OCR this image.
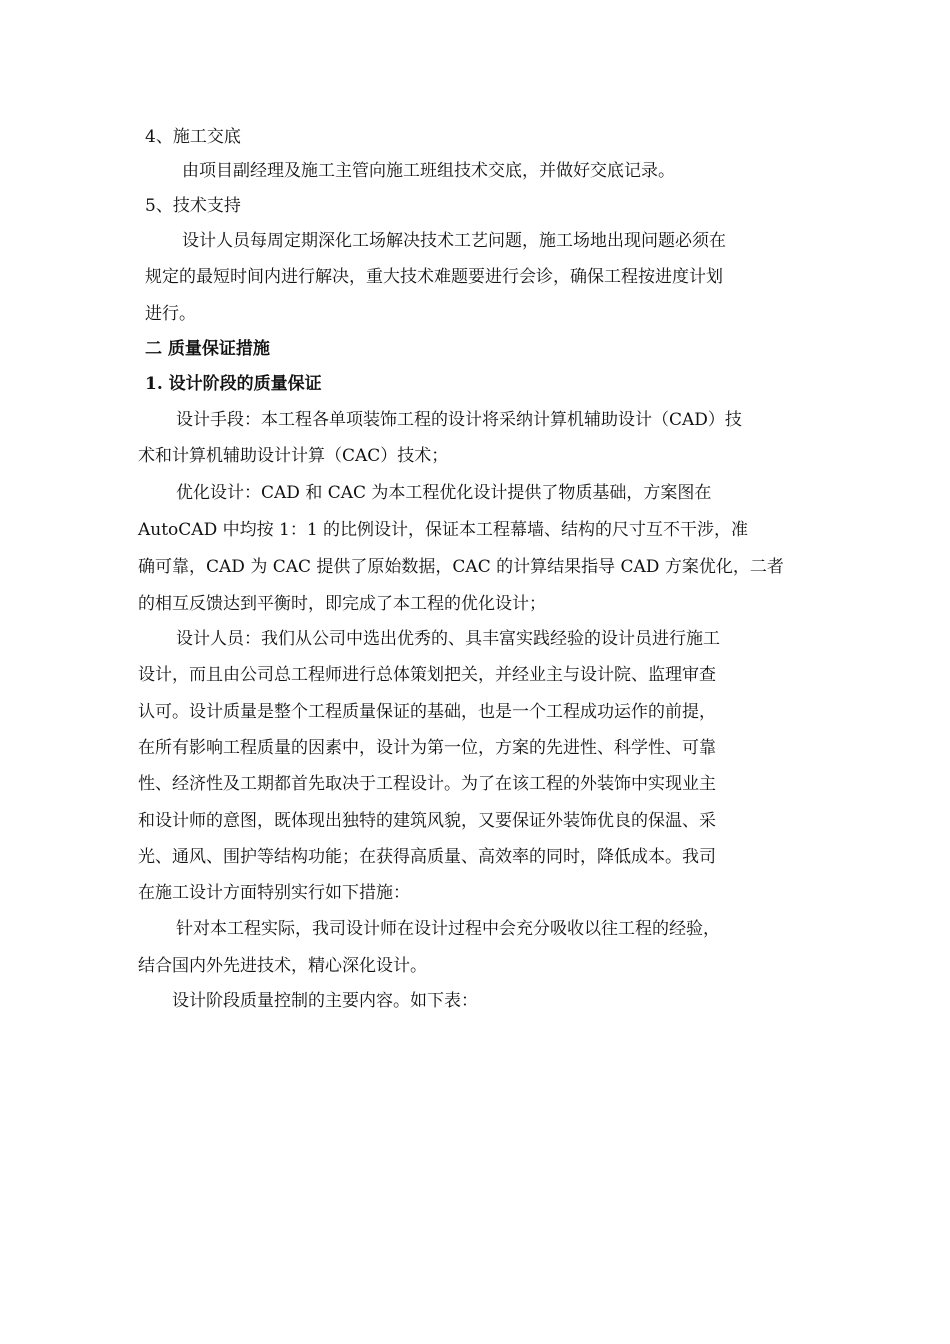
4、施工交底

由项目副经理及施工主管向施工班组技术交底，并做好交底记录。

5、技术支持

设计人员每周定期深化工场解决技术工艺问题，施工场地出现问题必须在

规定的最短时间内进行解决，重大技术难题要进行会诊，确保工程按进度计划

进行。

二 质量保证措施

1. 设计阶段的质量保证

设计手段：本工程各单项装饰工程的设计将采纳计算机辅助设计（CAD）技

术和计算机辅助设计计算（CAC）技术；

优化设计：CAD 和 CAC 为本工程优化设计提供了物质基础，方案图在

AutoCAD 中均按 1：1 的比例设计，保证本工程幕墙、结构的尺寸互不干涉，准

确可靠，CAD 为 CAC 提供了原始数据，CAC 的计算结果指导 CAD 方案优化，二者

的相互反馈达到平衡时，即完成了本工程的优化设计；

设计人员：我们从公司中选出优秀的、具丰富实践经验的设计员进行施工

设计，而且由公司总工程师进行总体策划把关，并经业主与设计院、监理审查

认可。设计质量是整个工程质量保证的基础，也是一个工程成功运作的前提，

在所有影响工程质量的因素中，设计为第一位，方案的先进性、科学性、可靠

性、经济性及工期都首先取决于工程设计。为了在该工程的外装饰中实现业主

和设计师的意图，既体现出独特的建筑风貌，又要保证外装饰优良的保温、采

光、通风、围护等结构功能；在获得高质量、高效率的同时，降低成本。我司

在施工设计方面特别实行如下措施：

针对本工程实际，我司设计师在设计过程中会充分吸收以往工程的经验，

结合国内外先进技术，精心深化设计。

设计阶段质量控制的主要内容。如下表：
